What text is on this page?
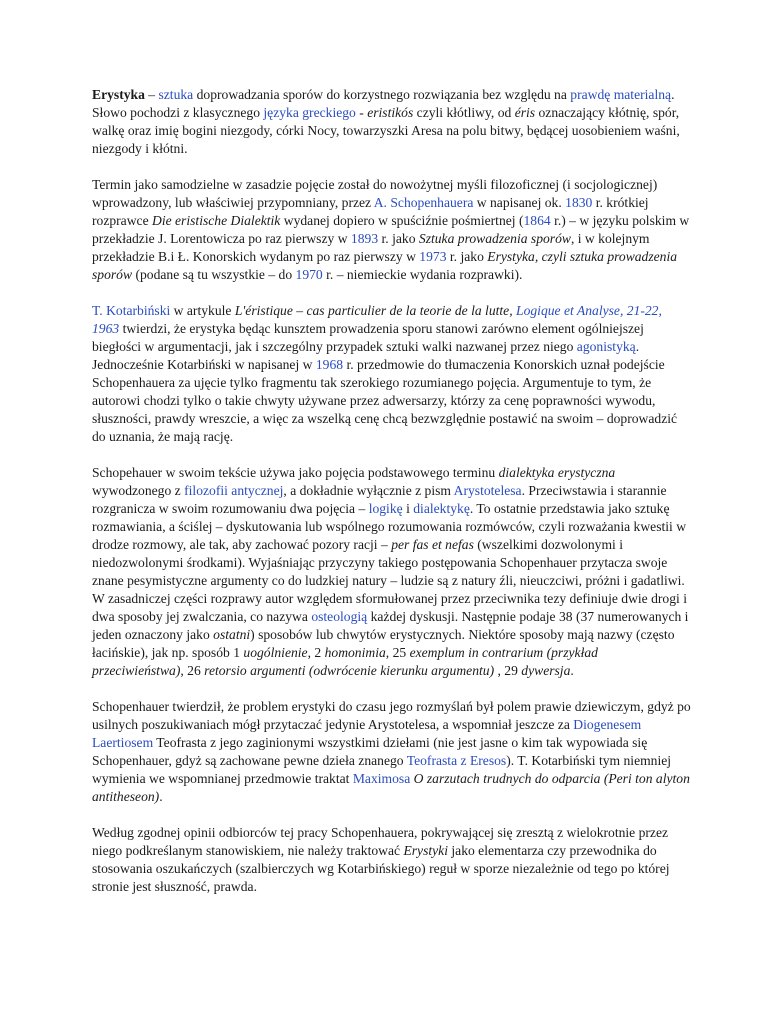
Erystyka – sztuka doprowadzania sporów do korzystnego rozwiązania bez względu na prawdę materialną. Słowo pochodzi z klasycznego języka greckiego - eristikós czyli kłótliwy, od éris oznaczający kłótnię, spór, walkę oraz imię bogini niezgody, córki Nocy, towarzyszki Aresa na polu bitwy, będącej uosobieniem waśni, niezgody i kłótni.

Termin jako samodzielne w zasadzie pojęcie został do nowożytnej myśli filozoficznej (i socjologicznej) wprowadzony, lub właściwiej przypomniany, przez A. Schopenhauera w napisanej ok. 1830 r. krótkiej rozprawce Die eristische Dialektik wydanej dopiero w spuściźnie pośmiertnej (1864 r.) – w języku polskim w przekładzie J. Lorentowicza po raz pierwszy w 1893 r. jako Sztuka prowadzenia sporów, i w kolejnym przekładzie B.i Ł. Konorskich wydanym po raz pierwszy w 1973 r. jako Erystyka, czyli sztuka prowadzenia sporów (podane są tu wszystkie – do 1970 r. – niemieckie wydania rozprawki).

T. Kotarbiński w artykule L'éristique – cas particulier de la teorie de la lutte, Logique et Analyse, 21-22, 1963 twierdzi, że erystyka będąc kunsztem prowadzenia sporu stanowi zarówno element ogólniejszej biegłości w argumentacji, jak i szczególny przypadek sztuki walki nazwanej przez niego agonistyką. Jednocześnie Kotarbiński w napisanej w 1968 r. przedmowie do tłumaczenia Konorskich uznał podejście Schopenhauera za ujęcie tylko fragmentu tak szerokiego rozumianego pojęcia. Argumentuje to tym, że autorowi chodzi tylko o takie chwyty używane przez adwersarzy, którzy za cenę poprawności wywodu, słuszności, prawdy wreszcie, a więc za wszelką cenę chcą bezwzględnie postawić na swoim – doprowadzić do uznania, że mają rację.

Schopehauer w swoim tekście używa jako pojęcia podstawowego terminu dialektyka erystyczna wywodzonego z filozofii antycznej, a dokładnie wyłącznie z pism Arystotelesa. Przeciwstawia i starannie rozgranicza w swoim rozumowaniu dwa pojęcia – logikę i dialektykę. To ostatnie przedstawia jako sztukę rozmawiania, a ściślej – dyskutowania lub wspólnego rozumowania rozmówców, czyli rozważania kwestii w drodze rozmowy, ale tak, aby zachować pozory racji – per fas et nefas (wszelkimi dozwolonymi i niedozwolonymi środkami). Wyjaśniając przyczyny takiego postępowania Schopenhauer przytacza swoje znane pesymistyczne argumenty co do ludzkiej natury – ludzie są z natury źli, nieuczciwi, próżni i gadatliwi. W zasadniczej części rozprawy autor względem sformułowanej przez przeciwnika tezy definiuje dwie drogi i dwa sposoby jej zwalczania, co nazywa osteologią każdej dyskusji. Następnie podaje 38 (37 numerowanych i jeden oznaczony jako ostatni) sposobów lub chwytów erystycznych. Niektóre sposoby mają nazwy (często łacińskie), jak np. sposób 1 uogólnienie, 2 homonimia, 25 exemplum in contrarium (przykład przeciwieństwa), 26 retorsio argumenti (odwrócenie kierunku argumentu) , 29 dywersja.

Schopenhauer twierdził, że problem erystyki do czasu jego rozmyślań był polem prawie dziewiczym, gdyż po usilnych poszukiwaniach mógł przytaczać jedynie Arystotelesa, a wspomniał jeszcze za Diogenesem Laertiosem Teofrasta z jego zaginionymi wszystkimi dziełami (nie jest jasne o kim tak wypowiada się Schopenhauer, gdyż są zachowane pewne dzieła znanego Teofrasta z Eresos). T. Kotarbiński tym niemniej wymienia we wspomnianej przedmowie traktat Maximosa O zarzutach trudnych do odparcia (Peri ton alyton antitheseon).

Według zgodnej opinii odbiorców tej pracy Schopenhauera, pokrywającej się zresztą z wielokrotnie przez niego podkreślanym stanowiskiem, nie należy traktować Erystyki jako elementarza czy przewodnika do stosowania oszukańczych (szalbierczych wg Kotarbińskiego) reguł w sporze niezależnie od tego po której stronie jest słuszność, prawda.
